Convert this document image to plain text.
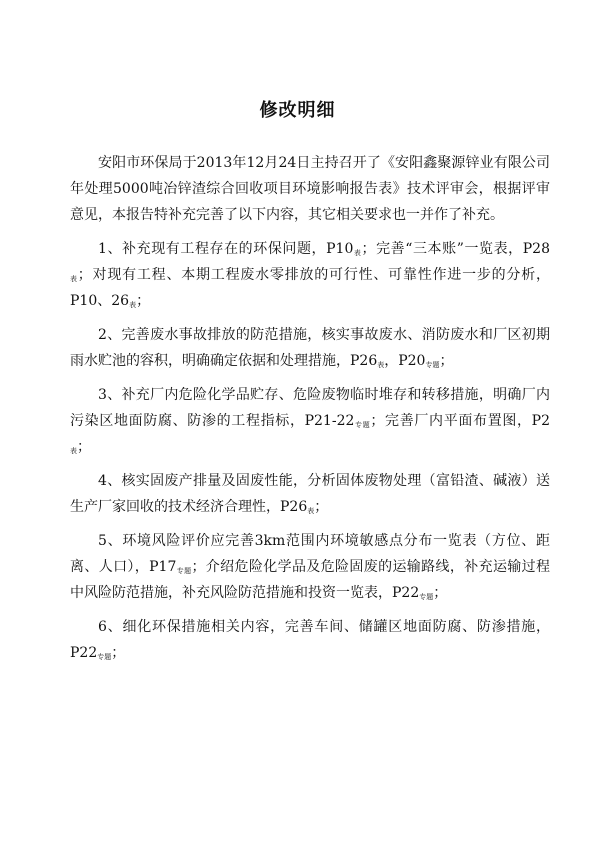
修改明细

安阳市环保局于2013年12月24日主持召开了《安阳鑫聚源锌业有限公司年处理5000吨冶锌渣综合回收项目环境影响报告表》技术评审会，根据评审意见，本报告特补充完善了以下内容，其它相关要求也一并作了补充。

1、补充现有工程存在的环保问题，$P10_表$；完善“三本账”一览表，$P28_表$；对现有工程、本期工程废水零排放的可行性、可靠性作进一步的分析，P10、$26_表$；

2、完善废水事故排放的防范措施，核实事故废水、消防废水和厂区初期雨水贮池的容积，明确确定依据和处理措施，$P26_表$，$P20_{专题}$；

3、补充厂内危险化学品贮存、危险废物临时堆存和转移措施，明确厂内污染区地面防腐、防渗的工程指标，$P21-22_{专题}$；完善厂内平面布置图，$P2_表$；

4、核实固废产排量及固废性能，分析固体废物处理（富铅渣、碱液）送生产厂家回收的技术经济合理性，$P26_表$；

5、环境风险评价应完善3km范围内环境敏感点分布一览表（方位、距离、人口），$P17_{专题}$；介绍危险化学品及危险固废的运输路线，补充运输过程中风险防范措施，补充风险防范措施和投资一览表，$P22_{专题}$；

6、细化环保措施相关内容，完善车间、储罐区地面防腐、防渗措施，$P22_{专题}$；
